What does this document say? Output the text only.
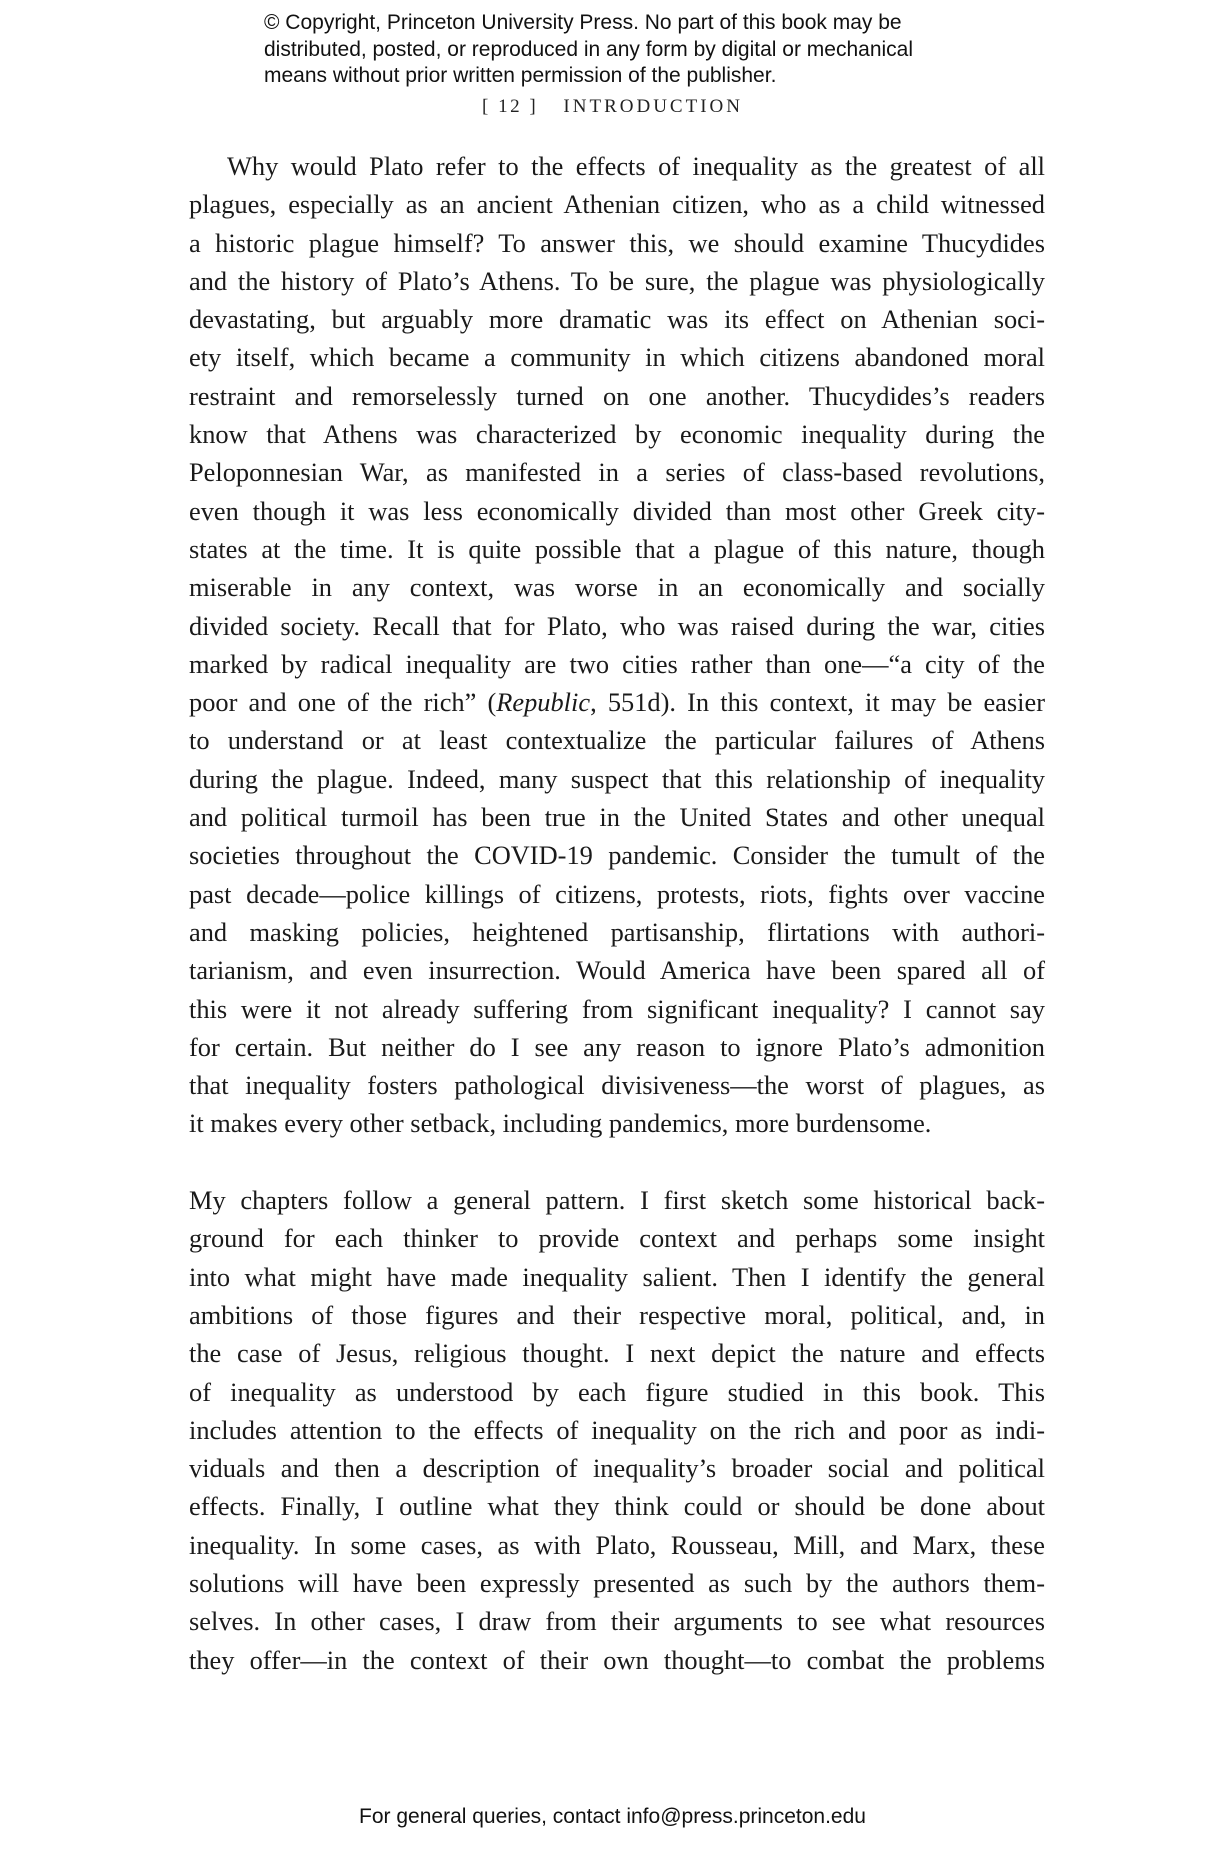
© Copyright, Princeton University Press. No part of this book may be
distributed, posted, or reproduced in any form by digital or mechanical
means without prior written permission of the publisher.
[ 12 ] INTRODUCTION
Why would Plato refer to the effects of inequality as the greatest of all
plagues, especially as an ancient Athenian citizen, who as a child witnessed
a historic plague himself? To answer this, we should examine Thucydides
and the history of Plato’s Athens. To be sure, the plague was physiologically
devastating, but arguably more dramatic was its effect on Athenian soci-
ety itself, which became a community in which citizens abandoned moral
restraint and remorselessly turned on one another. Thucydides’s readers
know that Athens was characterized by economic inequality during the
Peloponnesian War, as manifested in a series of class-based revolutions,
even though it was less economically divided than most other Greek city-
states at the time. It is quite possible that a plague of this nature, though
miserable in any context, was worse in an economically and socially
divided society. Recall that for Plato, who was raised during the war, cities
marked by radical inequality are two cities rather than one—“a city of the
poor and one of the rich” (Republic, 551d). In this context, it may be easier
to understand or at least contextualize the particular failures of Athens
during the plague. Indeed, many suspect that this relationship of inequality
and political turmoil has been true in the United States and other unequal
societies throughout the COVID-19 pandemic. Consider the tumult of the
past decade—police killings of citizens, protests, riots, fights over vaccine
and masking policies, heightened partisanship, flirtations with authori-
tarianism, and even insurrection. Would America have been spared all of
this were it not already suffering from significant inequality? I cannot say
for certain. But neither do I see any reason to ignore Plato’s admonition
that inequality fosters pathological divisiveness—the worst of plagues, as
it makes every other setback, including pandemics, more burdensome.
My chapters follow a general pattern. I first sketch some historical back-
ground for each thinker to provide context and perhaps some insight
into what might have made inequality salient. Then I identify the general
ambitions of those figures and their respective moral, political, and, in
the case of Jesus, religious thought. I next depict the nature and effects
of inequality as understood by each figure studied in this book. This
includes attention to the effects of inequality on the rich and poor as indi-
viduals and then a description of inequality’s broader social and political
effects. Finally, I outline what they think could or should be done about
inequality. In some cases, as with Plato, Rousseau, Mill, and Marx, these
solutions will have been expressly presented as such by the authors them-
selves. In other cases, I draw from their arguments to see what resources
they offer—in the context of their own thought—to combat the problems
For general queries, contact info@press.princeton.edu
